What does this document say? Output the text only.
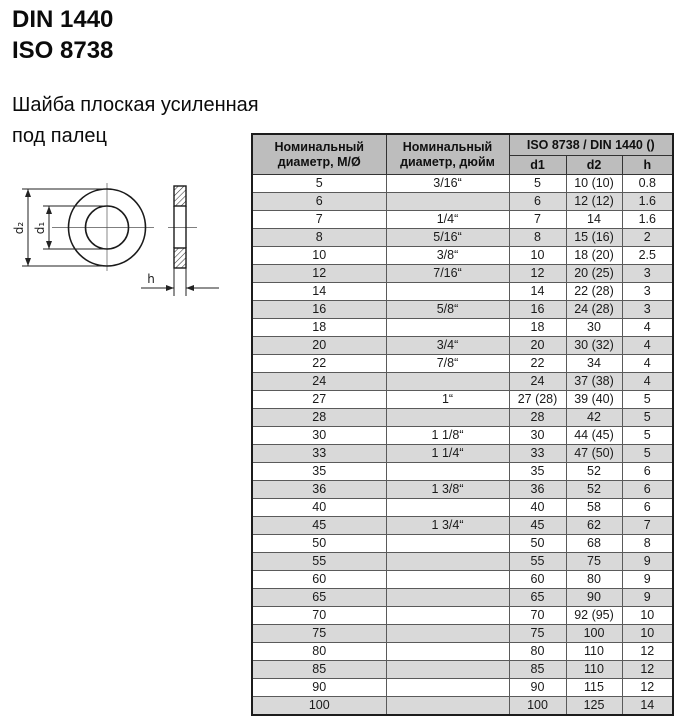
DIN 1440
ISO 8738
Шайба плоская усиленная
под палец
d₂ d₁
h
Номинальный диаметр, М/Ø	Номинальный диаметр, дюйм	ISO 8738 / DIN 1440 ()		
		d1	d2	h
5	3/16“	5	10 (10)	0.8
6		6	12 (12)	1.6
7	1/4“	7	14	1.6
8	5/16“	8	15 (16)	2
10	3/8“	10	18 (20)	2.5
12	7/16“	12	20 (25)	3
14		14	22 (28)	3
16	5/8“	16	24 (28)	3
18		18	30	4
20	3/4“	20	30 (32)	4
22	7/8“	22	34	4
24		24	37 (38)	4
27	1“	27 (28)	39 (40)	5
28		28	42	5
30	1 1/8“	30	44 (45)	5
33	1 1/4“	33	47 (50)	5
35		35	52	6
36	1 3/8“	36	52	6
40		40	58	6
45	1 3/4“	45	62	7
50		50	68	8
55		55	75	9
60		60	80	9
65		65	90	9
70		70	92 (95)	10
75		75	100	10
80		80	110	12
85		85	110	12
90		90	115	12
100		100	125	14
